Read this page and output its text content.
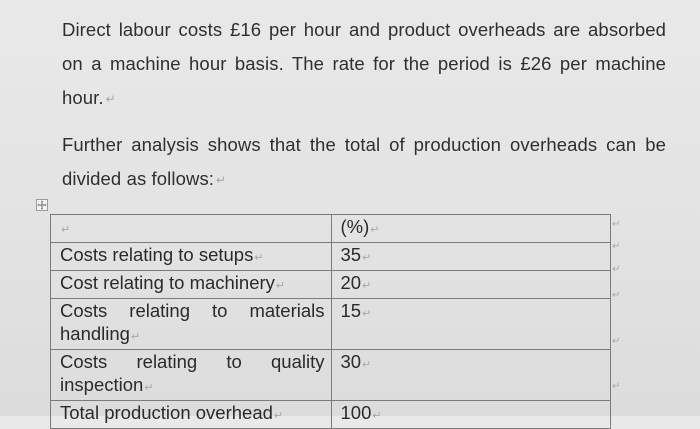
Direct labour costs £16 per hour and product overheads are absorbed on a machine hour basis. The rate for the period is £26 per machine hour. ↵
Further analysis shows that the total of production overheads can be divided as follows: ↵
↵	(%)↵
Costs relating to setups↵	35↵
Cost relating to machinery↵	20↵
Costs relating to materials handling↵	15↵
Costs relating to quality inspection↵	30↵
Total production overhead↵	100↵
↵
↵
↵
↵
↵
↵
